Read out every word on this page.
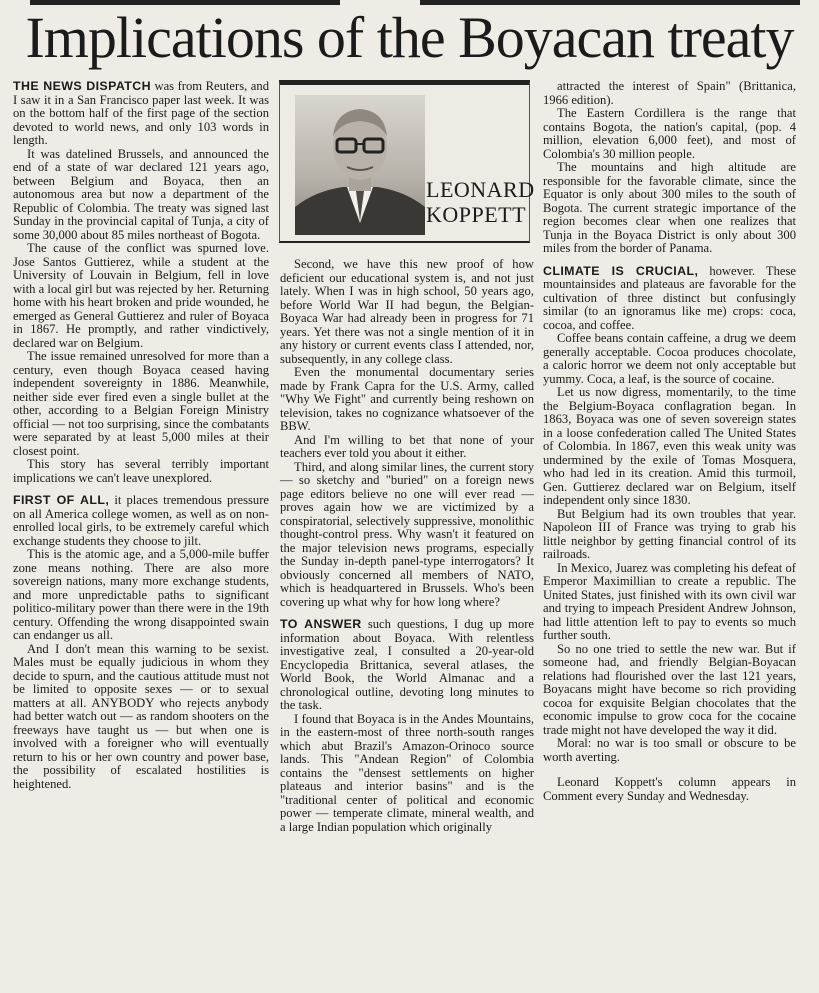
Implications of the Boyacan treaty

THE NEWS DISPATCH was from Reuters, and I saw it in a San Francisco paper last week. It was on the bottom half of the first page of the section devoted to world news, and only 103 words in length.

It was datelined Brussels, and announced the end of a state of war declared 121 years ago, between Belgium and Boyaca, then an autonomous area but now a department of the Republic of Colombia. The treaty was signed last Sunday in the provincial capital of Tunja, a city of some 30,000 about 85 miles northeast of Bogota.

The cause of the conflict was spurned love. Jose Santos Guttierez, while a student at the University of Louvain in Belgium, fell in love with a local girl but was rejected by her. Returning home with his heart broken and pride wounded, he emerged as General Guttierez and ruler of Boyaca in 1867. He promptly, and rather vindictively, declared war on Belgium.

The issue remained unresolved for more than a century, even though Boyaca ceased having independent sovereignty in 1886. Meanwhile, neither side ever fired even a single bullet at the other, according to a Belgian Foreign Ministry official — not too surprising, since the combatants were separated by at least 5,000 miles at their closest point.

This story has several terribly important implications we can't leave unexplored.

FIRST OF ALL, it places tremendous pressure on all America college women, as well as on non-enrolled local girls, to be extremely careful which exchange students they choose to jilt.

This is the atomic age, and a 5,000-mile buffer zone means nothing. There are also more sovereign nations, many more exchange students, and more unpredictable paths to significant politico-military power than there were in the 19th century. Offending the wrong disappointed swain can endanger us all.

And I don't mean this warning to be sexist. Males must be equally judicious in whom they decide to spurn, and the cautious attitude must not be limited to opposite sexes — or to sexual matters at all. ANYBODY who rejects anybody had better watch out — as random shooters on the freeways have taught us — but when one is involved with a foreigner who will eventually return to his or her own country and power base, the possibility of escalated hostilities is heightened.

LEONARD
KOPPETT

Second, we have this new proof of how deficient our educational system is, and not just lately. When I was in high school, 50 years ago, before World War II had begun, the Belgian-Boyaca War had already been in progress for 71 years. Yet there was not a single mention of it in any history or current events class I attended, nor, subsequently, in any college class.

Even the monumental documentary series made by Frank Capra for the U.S. Army, called "Why We Fight" and currently being reshown on television, takes no cognizance whatsoever of the BBW.

And I'm willing to bet that none of your teachers ever told you about it either.

Third, and along similar lines, the current story — so sketchy and "buried" on a foreign news page editors believe no one will ever read — proves again how we are victimized by a conspiratorial, selectively suppressive, monolithic thought-control press. Why wasn't it featured on the major television news programs, especially the Sunday in-depth panel-type interrogators? It obviously concerned all members of NATO, which is headquartered in Brussels. Who's been covering up what why for how long where?

TO ANSWER such questions, I dug up more information about Boyaca. With relentless investigative zeal, I consulted a 20-year-old Encyclopedia Brittanica, several atlases, the World Book, the World Almanac and a chronological outline, devoting long minutes to the task.

I found that Boyaca is in the Andes Mountains, in the eastern-most of three north-south ranges which abut Brazil's Amazon-Orinoco source lands. This "Andean Region" of Colombia contains the "densest settlements on higher plateaus and interior basins" and is the "traditional center of political and economic power — temperate climate, mineral wealth, and a large Indian population which originally

attracted the interest of Spain" (Brittanica, 1966 edition).

The Eastern Cordillera is the range that contains Bogota, the nation's capital, (pop. 4 million, elevation 6,000 feet), and most of Colombia's 30 million people.

The mountains and high altitude are responsible for the favorable climate, since the Equator is only about 300 miles to the south of Bogota. The current strategic importance of the region becomes clear when one realizes that Tunja in the Boyaca District is only about 300 miles from the border of Panama.

CLIMATE IS CRUCIAL, however. These mountainsides and plateaus are favorable for the cultivation of three distinct but confusingly similar (to an ignoramus like me) crops: coca, cocoa, and coffee.

Coffee beans contain caffeine, a drug we deem generally acceptable. Cocoa produces chocolate, a caloric horror we deem not only acceptable but yummy. Coca, a leaf, is the source of cocaine.

Let us now digress, momentarily, to the time the Belgium-Boyaca conflagration began. In 1863, Boyaca was one of seven sovereign states in a loose confederation called The United States of Colombia. In 1867, even this weak unity was undermined by the exile of Tomas Mosquera, who had led in its creation. Amid this turmoil, Gen. Guttierez declared war on Belgium, itself independent only since 1830.

But Belgium had its own troubles that year. Napoleon III of France was trying to grab his little neighbor by getting financial control of its railroads.

In Mexico, Juarez was completing his defeat of Emperor Maximillian to create a republic. The United States, just finished with its own civil war and trying to impeach President Andrew Johnson, had little attention left to pay to events so much further south.

So no one tried to settle the new war. But if someone had, and friendly Belgian-Boyacan relations had flourished over the last 121 years, Boyacans might have become so rich providing cocoa for exquisite Belgian chocolates that the economic impulse to grow coca for the cocaine trade might not have developed the way it did.

Moral: no war is too small or obscure to be worth averting.

Leonard Koppett's column appears in Comment every Sunday and Wednesday.
